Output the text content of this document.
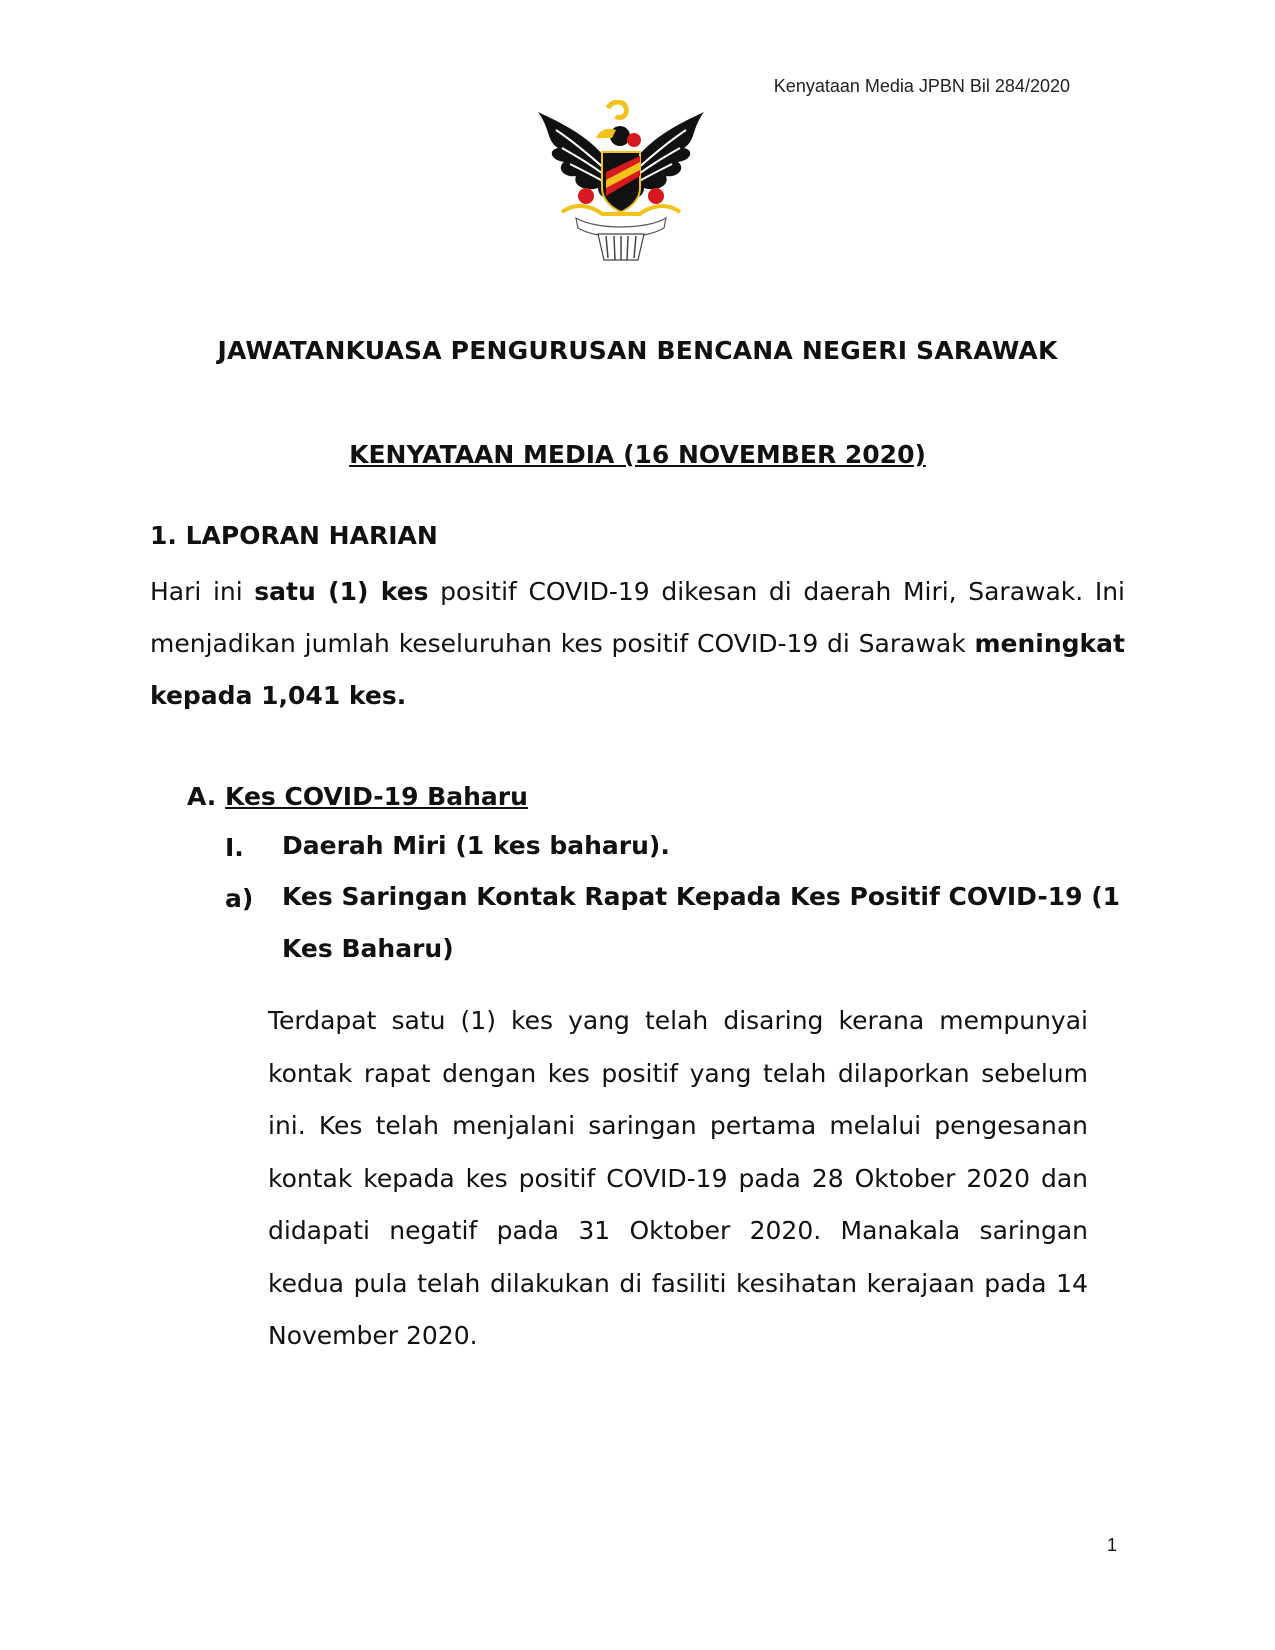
Kenyataan Media JPBN Bil 284/2020
JAWATANKUASA PENGURUSAN BENCANA NEGERI SARAWAK
KENYATAAN MEDIA (16 NOVEMBER 2020)
1. LAPORAN HARIAN
Hari ini satu (1) kes positif COVID-19 dikesan di daerah Miri, Sarawak. Ini menjadikan jumlah keseluruhan kes positif COVID-19 di Sarawak meningkat kepada 1,041 kes.
A. Kes COVID-19 Baharu
I. Daerah Miri (1 kes baharu).
a) Kes Saringan Kontak Rapat Kepada Kes Positif COVID-19 (1 Kes Baharu)
Terdapat satu (1) kes yang telah disaring kerana mempunyai kontak rapat dengan kes positif yang telah dilaporkan sebelum ini. Kes telah menjalani saringan pertama melalui pengesanan kontak kepada kes positif COVID-19 pada 28 Oktober 2020 dan didapati negatif pada 31 Oktober 2020. Manakala saringan kedua pula telah dilakukan di fasiliti kesihatan kerajaan pada 14 November 2020.
1
